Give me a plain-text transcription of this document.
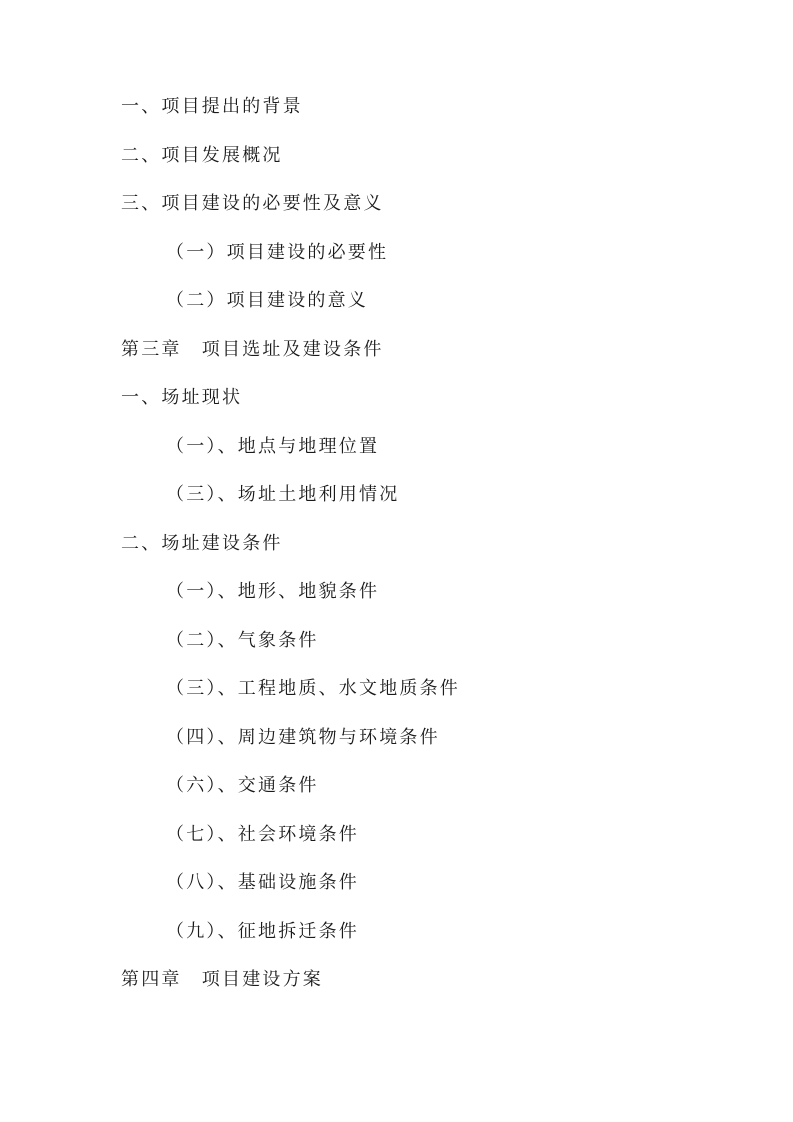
一、项目提出的背景
二、项目发展概况
三、项目建设的必要性及意义
（一）项目建设的必要性
（二）项目建设的意义
第三章　项目选址及建设条件
一、场址现状
（一）、地点与地理位置
（三）、场址土地利用情况
二、场址建设条件
（一）、地形、地貌条件
（二）、气象条件
（三）、工程地质、水文地质条件
（四）、周边建筑物与环境条件
（六）、交通条件
（七）、社会环境条件
（八）、基础设施条件
（九）、征地拆迁条件
第四章　项目建设方案
